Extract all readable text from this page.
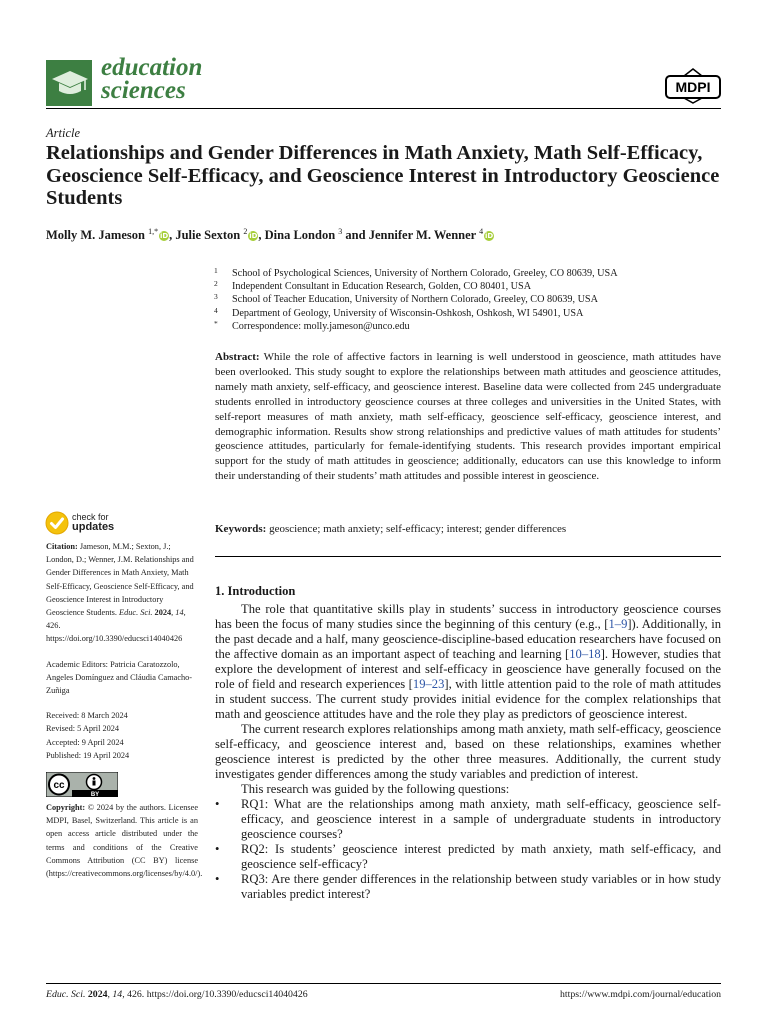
education
sciences	MDPI
Article
Relationships and Gender Differences in Math Anxiety, Math Self-Efficacy, Geoscience Self-Efficacy, and Geoscience Interest in Introductory Geoscience Students
Molly M. Jameson $^{1,*}$iD, Julie Sexton $^2$iD, Dina London $^3$ and Jennifer M. Wenner $^4$iD
1 School of Psychological Sciences, University of Northern Colorado, Greeley, CO 80639, USA
2 Independent Consultant in Education Research, Golden, CO 80401, USA
3 School of Teacher Education, University of Northern Colorado, Greeley, CO 80639, USA
4 Department of Geology, University of Wisconsin-Oshkosh, Oshkosh, WI 54901, USA
* Correspondence: molly.jameson@unco.edu
Abstract: While the role of affective factors in learning is well understood in geoscience, math attitudes have been overlooked. This study sought to explore the relationships between math attitudes and geoscience attitudes, namely math anxiety, self-efficacy, and geoscience interest. Baseline data were collected from 245 undergraduate students enrolled in introductory geoscience courses at three colleges and universities in the United States, with self-report measures of math anxiety, math self-efficacy, geoscience self-efficacy, geoscience interest, and demographic information. Results show strong relationships and predictive values of math attitudes for students’ geoscience attitudes, particularly for female-identifying students. This research provides important empirical support for the study of math attitudes in geoscience; additionally, educators can use this knowledge to inform their understanding of their students’ math attitudes and possible interest in geoscience.
Keywords: geoscience; math anxiety; self-efficacy; interest; gender differences
1. Introduction

The role that quantitative skills play in students’ success in introductory geoscience courses has been the focus of many studies since the beginning of this century (e.g., [1–9]). Additionally, in the past decade and a half, many geoscience-discipline-based education researchers have focused on the affective domain as an important aspect of teaching and learning [10–18]. However, studies that explore the development of interest and self-efficacy in geoscience have generally focused on the role of field and research experiences [19–23], with little attention paid to the role of math attitudes in student success. The current study provides initial evidence for the complex relationships that math and geoscience attitudes have and the role they play as predictors of geoscience interest.

The current research explores relationships among math anxiety, math self-efficacy, geoscience self-efficacy, and geoscience interest and, based on these relationships, examines whether geoscience interest is predicted by the other three measures. Additionally, the current study investigates gender differences among the study variables and prediction of interest.

This research was guided by the following questions:

• RQ1: What are the relationships among math anxiety, math self-efficacy, geoscience self-efficacy, and geoscience interest in a sample of undergraduate students in introductory geoscience courses?
• RQ2: Is students’ geoscience interest predicted by math anxiety, math self-efficacy, and geoscience self-efficacy?
• RQ3: Are there gender differences in the relationship between study variables or in how study variables predict interest?
check for
updates

Citation: Jameson, M.M.; Sexton, J.; London, D.; Wenner, J.M. Relationships and Gender Differences in Math Anxiety, Math Self-Efficacy, Geoscience Self-Efficacy, and Geoscience Interest in Introductory Geoscience Students. Educ. Sci. 2024, 14, 426. https://doi.org/10.3390/educsci14040426

Academic Editors: Patricia Caratozzolo, Angeles Domínguez and Cláudia Camacho-Zuñiga

Received: 8 March 2024

Revised: 5 April 2024

Accepted: 9 April 2024

Published: 19 April 2024

cc
BY

Copyright: © 2024 by the authors. Licensee MDPI, Basel, Switzerland. This article is an open access article distributed under the terms and conditions of the Creative Commons Attribution (CC BY) license (https://creativecommons.org/licenses/by/4.0/).

Educ. Sci. 2024, 14, 426. https://doi.org/10.3390/educsci14040426	https://www.mdpi.com/journal/education
